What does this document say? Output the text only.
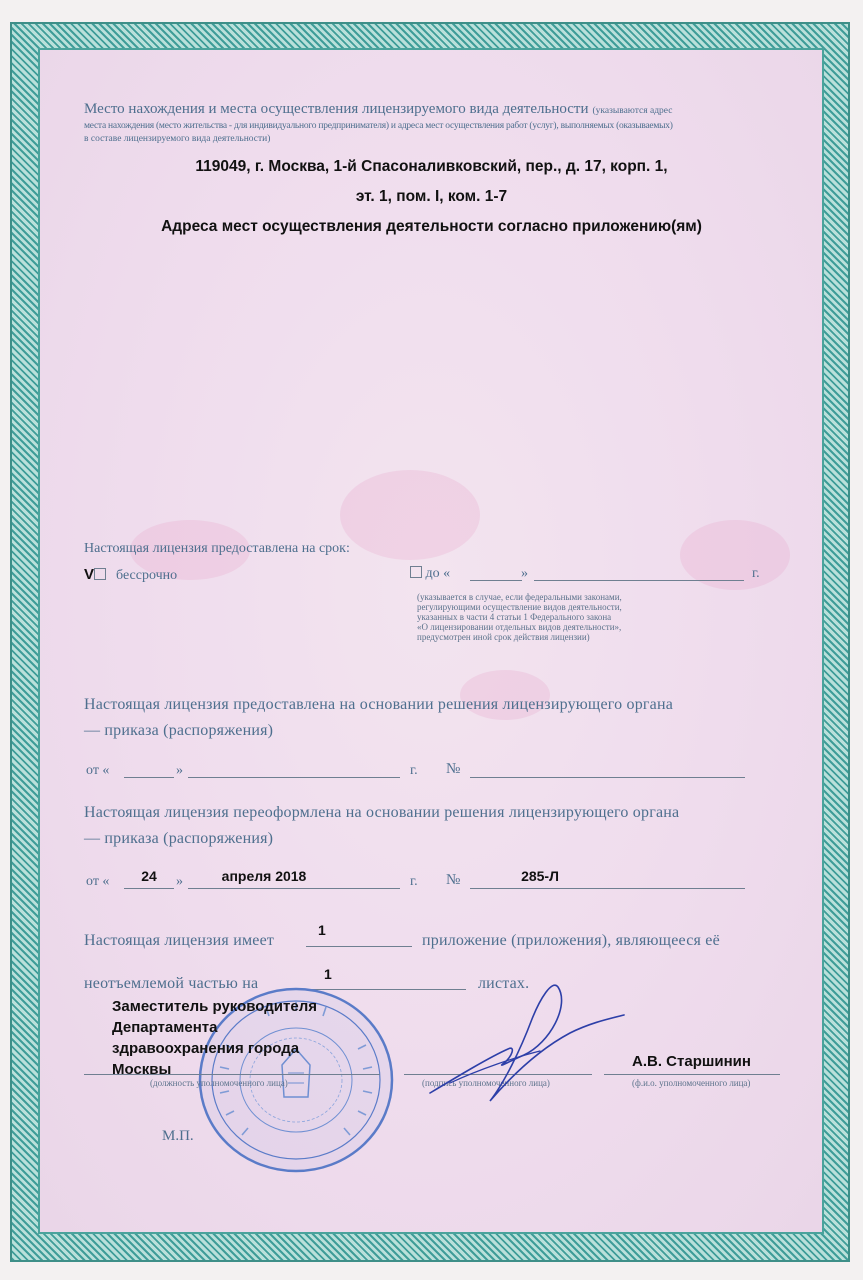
Место нахождения и места осуществления лицензируемого вида деятельности (указываются адрес
места нахождения (место жительства - для индивидуального предпринимателя) и адреса мест осуществления работ (услуг), выполняемых (оказываемых)
в составе лицензируемого вида деятельности)
119049, г. Москва, 1-й Спасоналивковский, пер., д. 17, корп. 1,
эт. 1, пом. I, ком. 1-7
Адреса мест осуществления деятельности согласно приложению(ям)
Настоящая лицензия предоставлена на срок:
V бессрочно	до «	»	г.
(указывается в случае, если федеральными законами,
регулирующими осуществление видов деятельности,
указанных в части 4 статьи 1 Федерального закона
«О лицензировании отдельных видов деятельности»,
предусмотрен иной срок действия лицензии)
Настоящая лицензия предоставлена на основании решения лицензирующего органа
— приказа (распоряжения)
от «	»	г. №
Настоящая лицензия переоформлена на основании решения лицензирующего органа
— приказа (распоряжения)
от «	24	»	апреля 2018	г. №	285-Л
Настоящая лицензия имеет
1
приложение (приложения), являющееся её
неотъемлемой частью на
1
листах.
Заместитель руководителя
Департамента
здравоохранения города
Москвы
(должность уполномоченного лица)	(подпись уполномоченного лица)	(ф.и.о. уполномоченного лица)
А.В. Старшинин
М.П.
